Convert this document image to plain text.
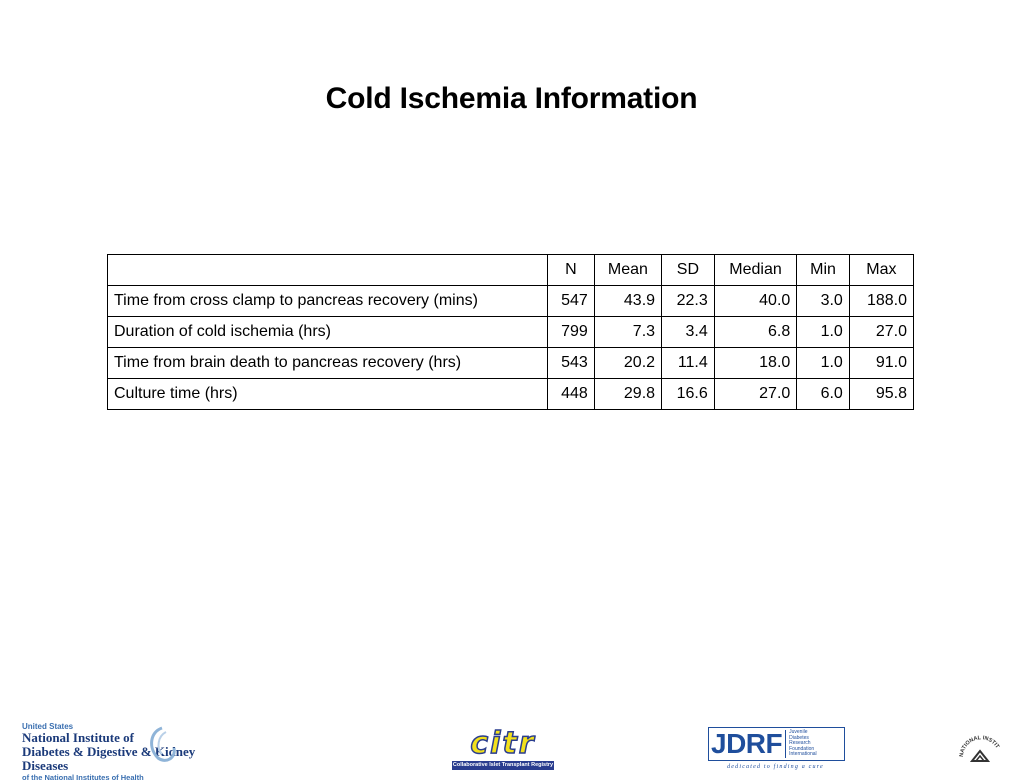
Cold Ischemia Information
	N	Mean	SD	Median	Min	Max
Time from cross clamp to pancreas recovery (mins)	547	43.9	22.3	40.0	3.0	188.0
Duration of cold ischemia (hrs)	799	7.3	3.4	6.8	1.0	27.0
Time from brain death to pancreas recovery (hrs)	543	20.2	11.4	18.0	1.0	91.0
Culture time (hrs)	448	29.8	16.6	27.0	6.0	95.8
United States
National Institute of
Diabetes & Digestive & Kidney Diseases
of the National Institutes of Health
citr
Collaborative Islet Transplant Registry
JDRF Juvenile
Diabetes
Research
Foundation
International
dedicated to finding a cure
NATIONAL INSTIT
